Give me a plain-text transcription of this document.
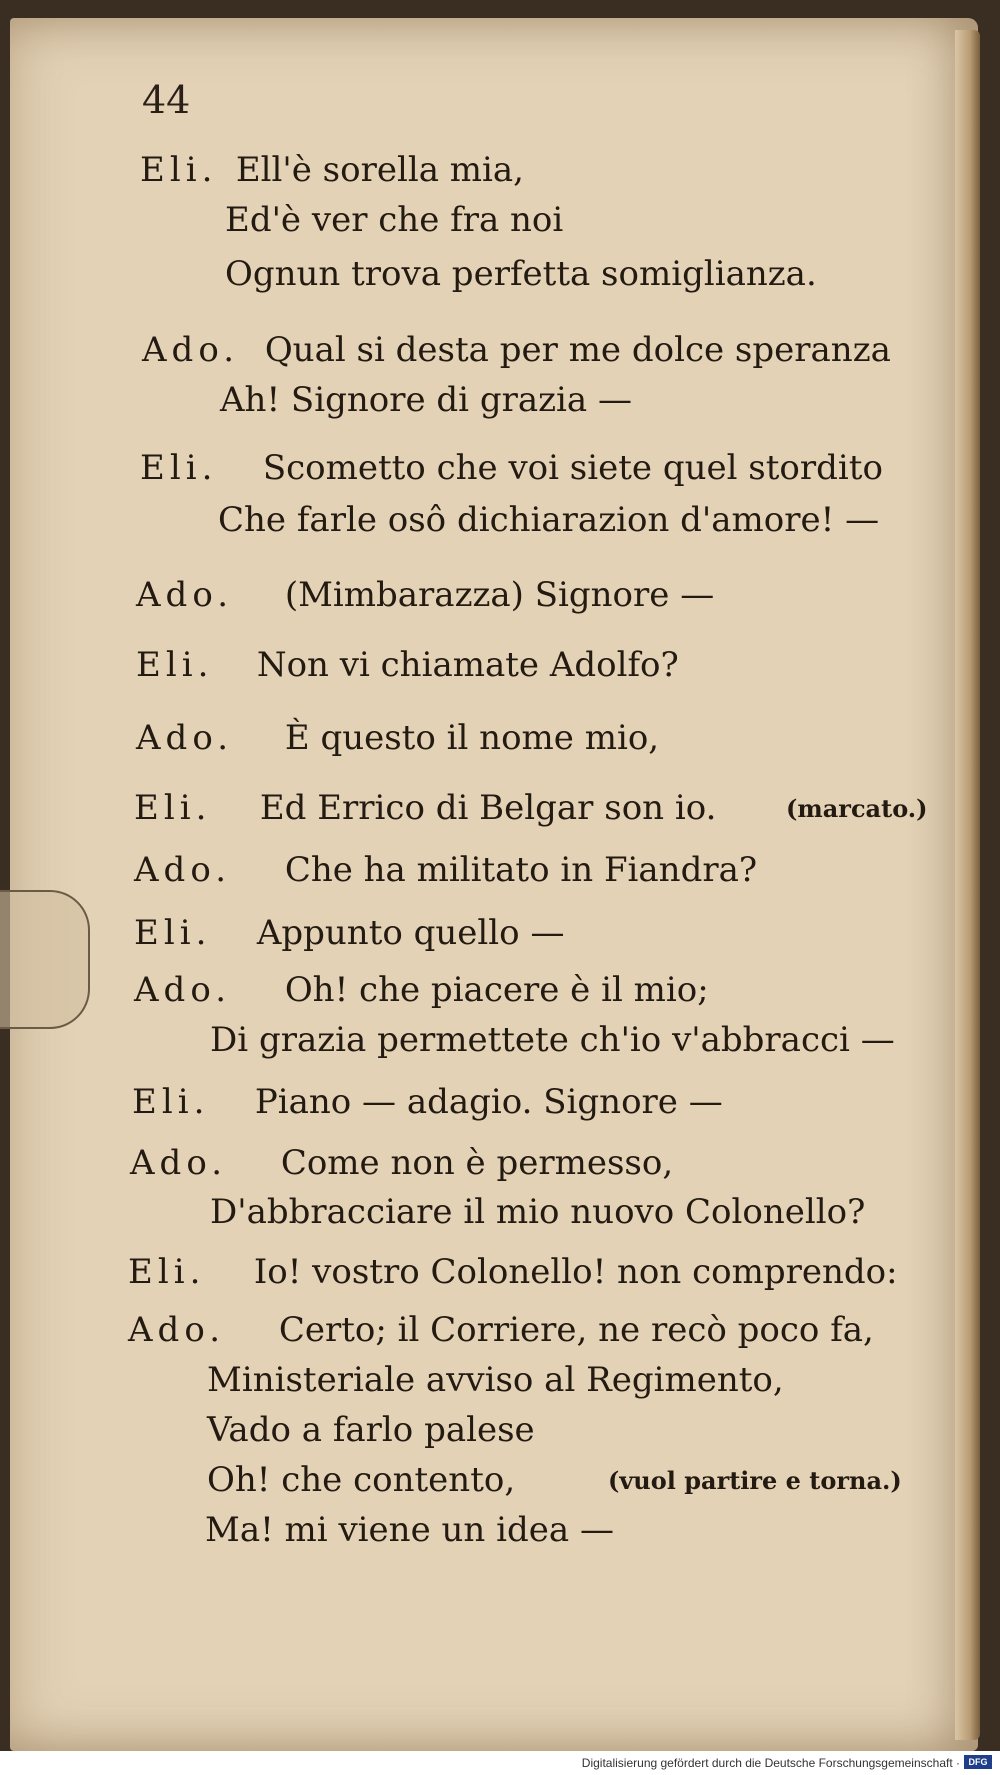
44
Eli. Ell'è sorella mia,
Ed'è ver che fra noi
Ognun trova perfetta somiglianza.
Ado. Qual si desta per me dolce speranza
Ah! Signore di grazia —
Eli. Scometto che voi siete quel stordito
Che farle osô dichiarazion d'amore! —
Ado. (Mimbarazza) Signore —
Eli. Non vi chiamate Adolfo?
Ado. È questo il nome mio,
Eli. Ed Errico di Belgar son io.	(marcato.)
Ado. Che ha militato in Fiandra?
Eli. Appunto quello —
Ado. Oh! che piacere è il mio;
Di grazia permettete ch'io v'abbracci —
Eli. Piano — adagio. Signore —
Ado. Come non è permesso,
D'abbracciare il mio nuovo Colonello?
Eli. Io! vostro Colonello! non comprendo:
Ado. Certo; il Corriere, ne recò poco fa,
Ministeriale avviso al Regimento,
Vado a farlo palese
Oh! che contento,	(vuol partire e torna.)
Ma! mi viene un idea —
Digitalisierung gefördert durch die Deutsche Forschungsgemeinschaft · DFG
